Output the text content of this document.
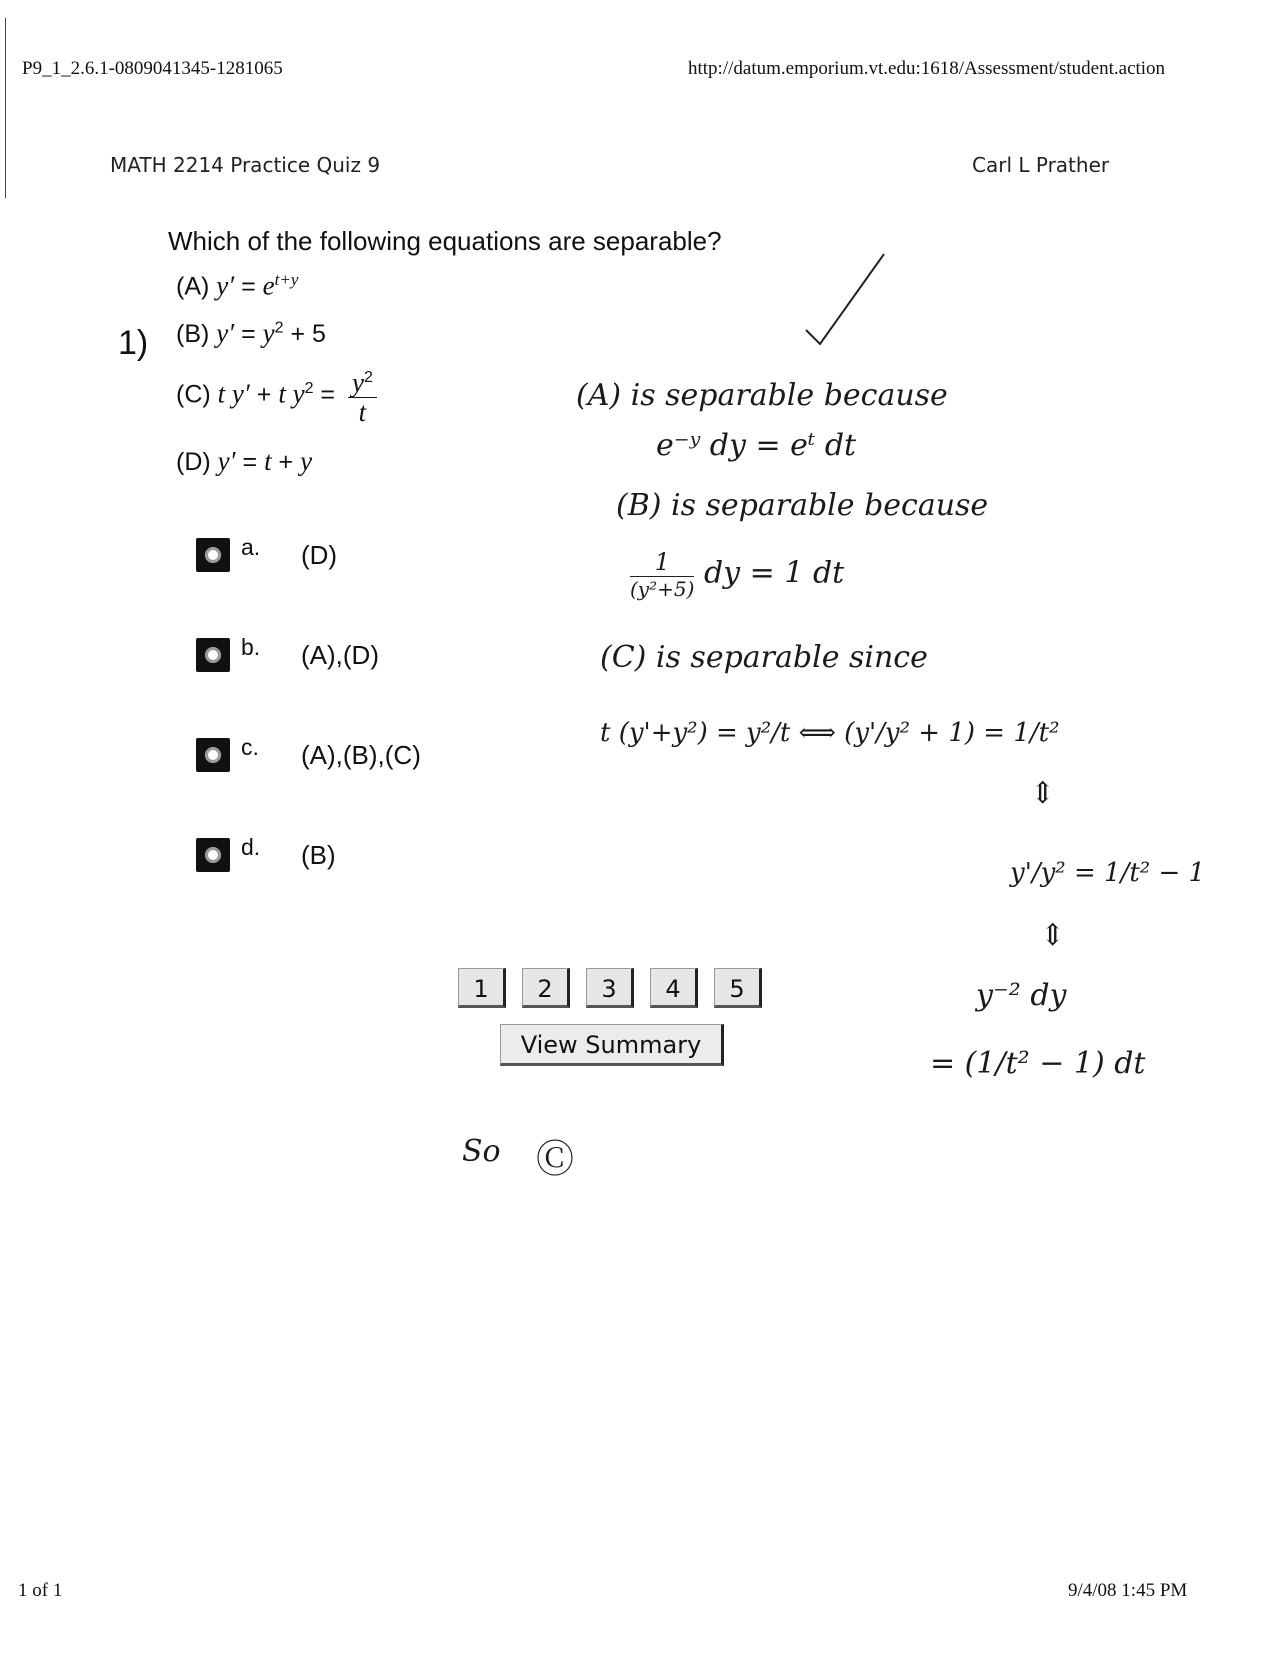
P9_1_2.6.1-0809041345-1281065	http://datum.emporium.vt.edu:1618/Assessment/student.action
MATH 2214 Practice Quiz 9	Carl L Prather
Which of the following equations are separable?
1)
(A) $y' = e^{t+y}$
(B) $y' = y^2 + 5$
(C) t y′ + t $y^2 = \frac{y^2}{t}$
(D) y′ = t + y
a. (D)
b. (A),(D)
c. (A),(B),(C)
d. (B)
1	2	3	4	5
View Summary
(A) is separable because
e⁻ʸ dy = eᵗ dt
(B) is separable because
1
(y²+5) dy = 1 dt
(C) is separable since
t (y'+y²) = y²/t ⟺ (y'/y² + 1) = 1/t²
⇕
y'/y² = 1/t² − 1
⇕
y⁻² dy
= (1/t² − 1) dt
So Ⓒ
1 of 1	9/4/08 1:45 PM
